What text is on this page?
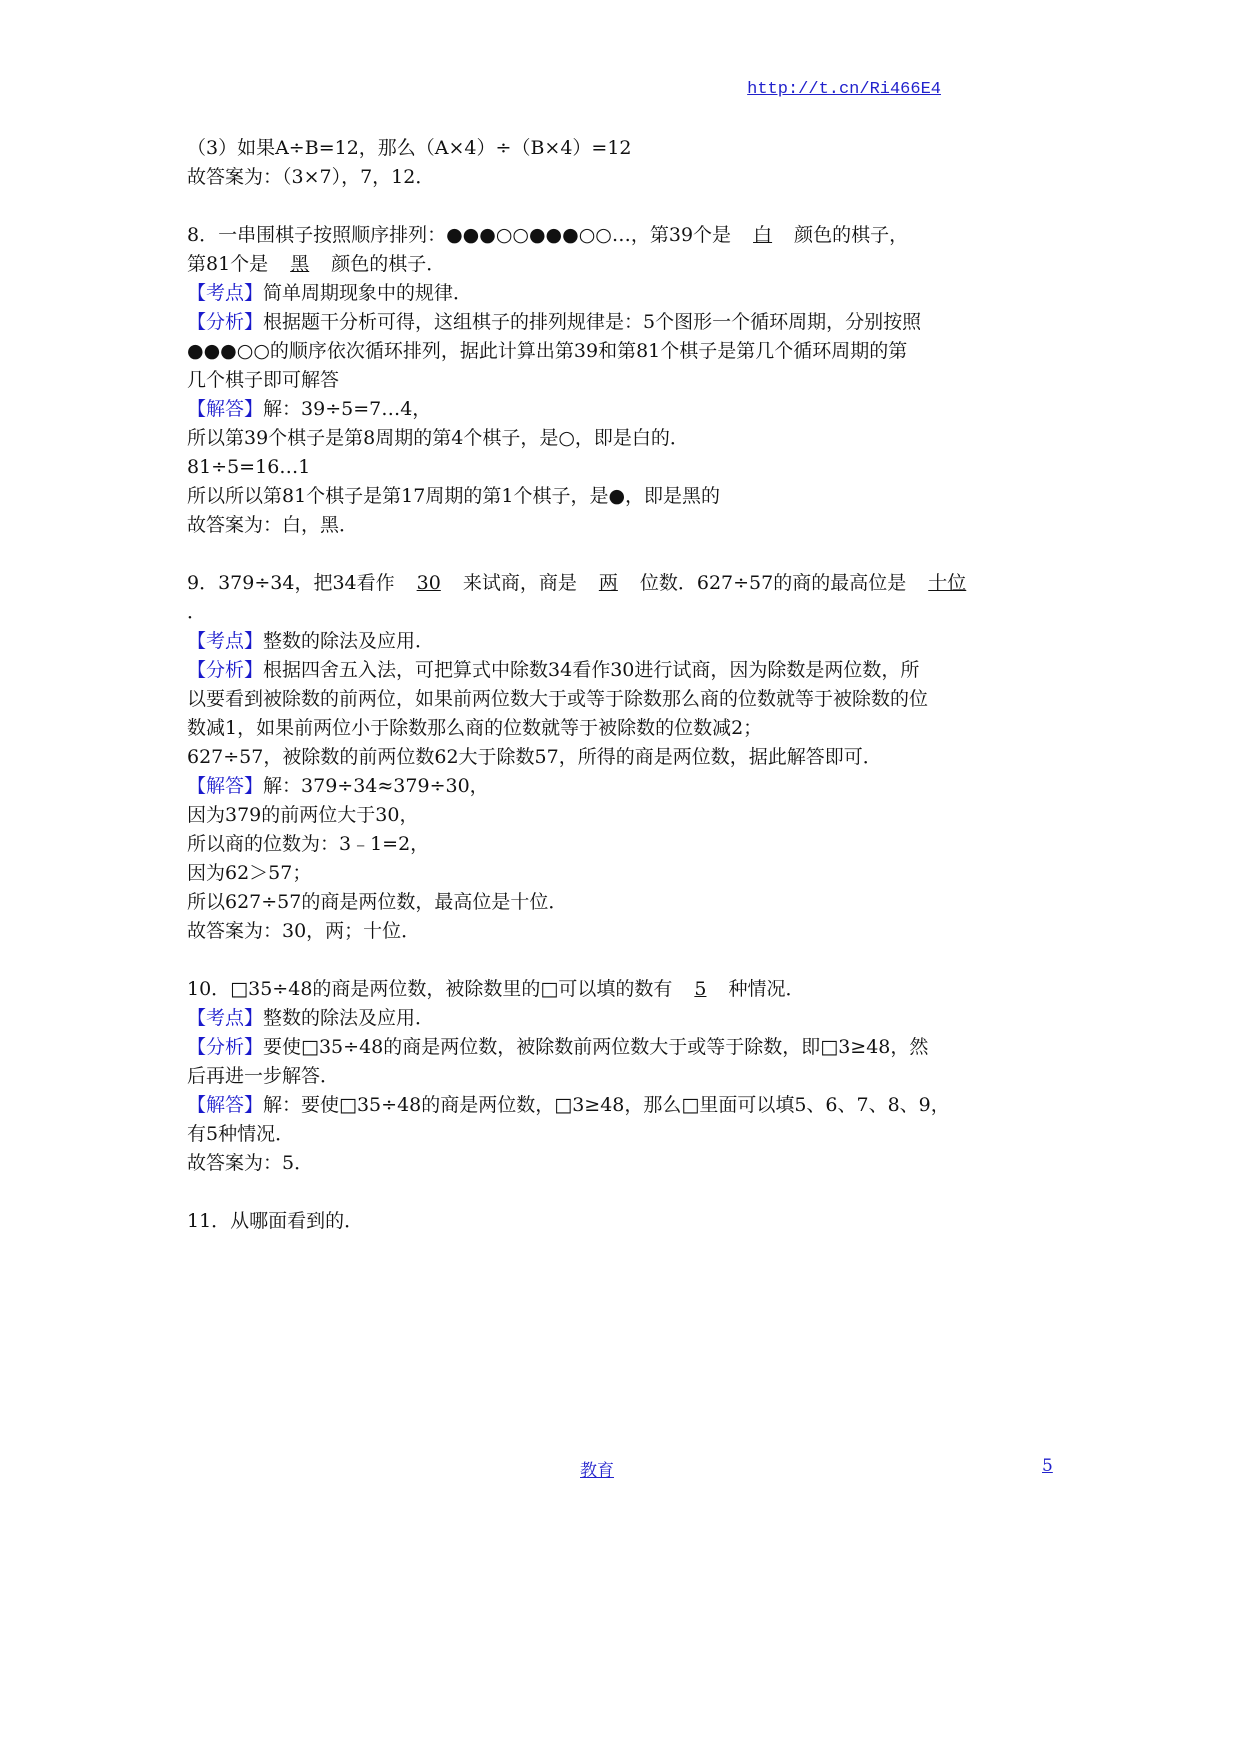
http://t.cn/Ri466E4
（3）如果A÷B=12，那么（A×4）÷（B×4）=12
故答案为：（3×7），7，12．
8．一串围棋子按照顺序排列：●●●○○●●●○○…，第39个是 白 颜色的棋子，
第81个是 黑 颜色的棋子．
【考点】简单周期现象中的规律．
【分析】根据题干分析可得，这组棋子的排列规律是：5个图形一个循环周期，分别按照
●●●○○的顺序依次循环排列，据此计算出第39和第81个棋子是第几个循环周期的第
几个棋子即可解答
【解答】解：39÷5=7…4，
所以第39个棋子是第8周期的第4个棋子，是○，即是白的．
81÷5=16…1
所以所以第81个棋子是第17周期的第1个棋子，是●，即是黑的
故答案为：白，黑．
9．379÷34，把34看作 30 来试商，商是 两 位数．627÷57的商的最高位是 十位
．
【考点】整数的除法及应用．
【分析】根据四舍五入法，可把算式中除数34看作30进行试商，因为除数是两位数，所
以要看到被除数的前两位，如果前两位数大于或等于除数那么商的位数就等于被除数的位
数减1，如果前两位小于除数那么商的位数就等于被除数的位数减2；
627÷57，被除数的前两位数62大于除数57，所得的商是两位数，据此解答即可．
【解答】解：379÷34≈379÷30，
因为379的前两位大于30，
所以商的位数为：3﹣1=2，
因为62＞57；
所以627÷57的商是两位数，最高位是十位．
故答案为：30，两；十位．
10．□35÷48的商是两位数，被除数里的□可以填的数有 5 种情况．
【考点】整数的除法及应用．
【分析】要使□35÷48的商是两位数，被除数前两位数大于或等于除数，即□3≥48，然
后再进一步解答．
【解答】解：要使□35÷48的商是两位数，□3≥48，那么□里面可以填5、6、7、8、9，
有5种情况．
故答案为：5．
11．从哪面看到的．
教育	5
